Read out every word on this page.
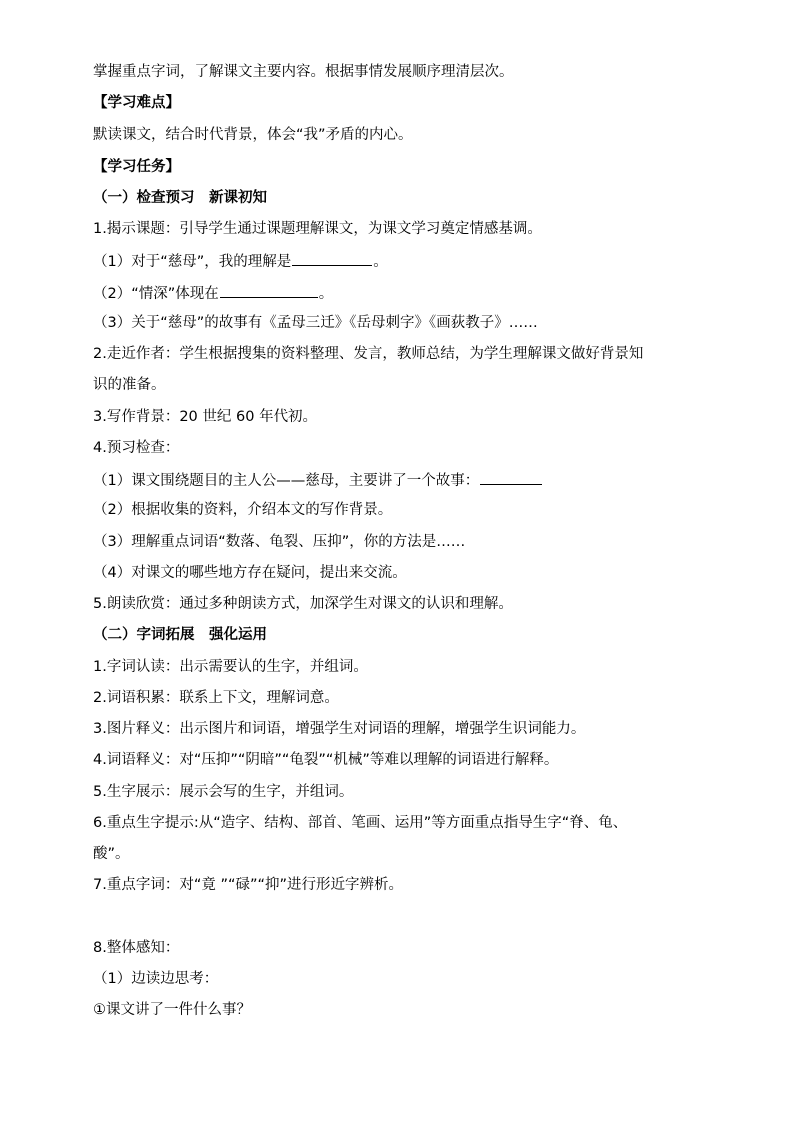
掌握重点字词，了解课文主要内容。根据事情发展顺序理清层次。
【学习难点】
默读课文，结合时代背景，体会“我”矛盾的内心。
【学习任务】
（一）检查预习　新课初知
1.揭示课题：引导学生通过课题理解课文，为课文学习奠定情感基调。
（1）对于“慈母”，我的理解是	。
（2）“情深”体现在	。
（3）关于“慈母”的故事有《孟母三迁》《岳母刺字》《画荻教子》……
2.走近作者：学生根据搜集的资料整理、发言，教师总结，为学生理解课文做好背景知
识的准备。
3.写作背景：20 世纪 60 年代初。
4.预习检查：
（1）课文围绕题目的主人公——慈母，主要讲了一个故事：
（2）根据收集的资料，介绍本文的写作背景。
（3）理解重点词语“数落、龟裂、压抑”，你的方法是……
（4）对课文的哪些地方存在疑问，提出来交流。
5.朗读欣赏：通过多种朗读方式，加深学生对课文的认识和理解。
（二）字词拓展　强化运用
1.字词认读：出示需要认的生字，并组词。
2.词语积累：联系上下文，理解词意。
3.图片释义：出示图片和词语，增强学生对词语的理解，增强学生识词能力。
4.词语释义：对“压抑”“阴暗”“龟裂”“机械”等难以理解的词语进行解释。
5.生字展示：展示会写的生字，并组词。
6.重点生字提示:从“造字、结构、部首、笔画、运用”等方面重点指导生字“脊、龟、
酸”。
7.重点字词：对“竟 ”“碌”“抑”进行形近字辨析。
8.整体感知：
（1）边读边思考：
①课文讲了一件什么事？
